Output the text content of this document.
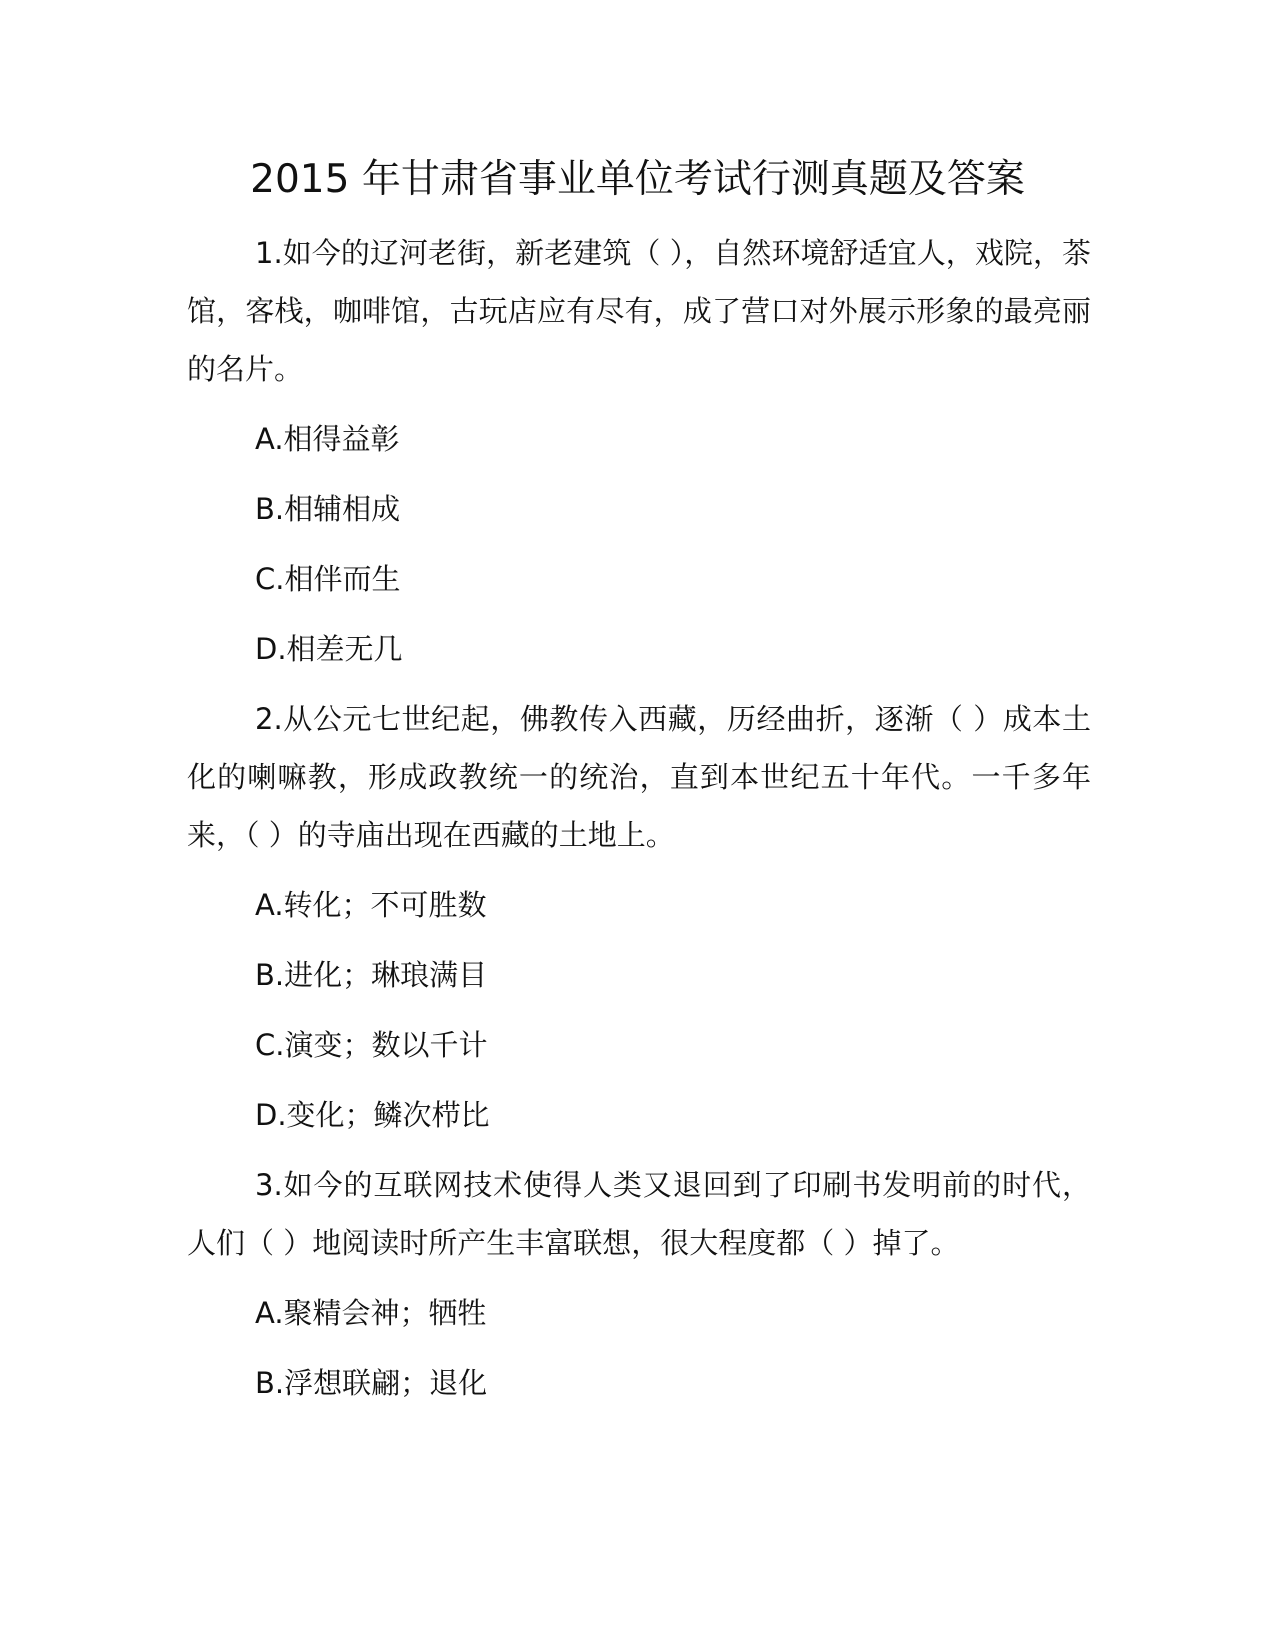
2015 年甘肃省事业单位考试行测真题及答案

1.如今的辽河老街，新老建筑（ ），自然环境舒适宜人，戏院，茶馆，客栈，咖啡馆，古玩店应有尽有，成了营口对外展示形象的最亮丽的名片。

A.相得益彰

B.相辅相成

C.相伴而生

D.相差无几

2.从公元七世纪起，佛教传入西藏，历经曲折，逐渐（ ）成本土化的喇嘛教，形成政教统一的统治，直到本世纪五十年代。一千多年来，（ ）的寺庙出现在西藏的土地上。

A.转化；不可胜数

B.进化；琳琅满目

C.演变；数以千计

D.变化；鳞次栉比

3.如今的互联网技术使得人类又退回到了印刷书发明前的时代，人们（ ）地阅读时所产生丰富联想，很大程度都（ ）掉了。

A.聚精会神；牺牲

B.浮想联翩；退化
